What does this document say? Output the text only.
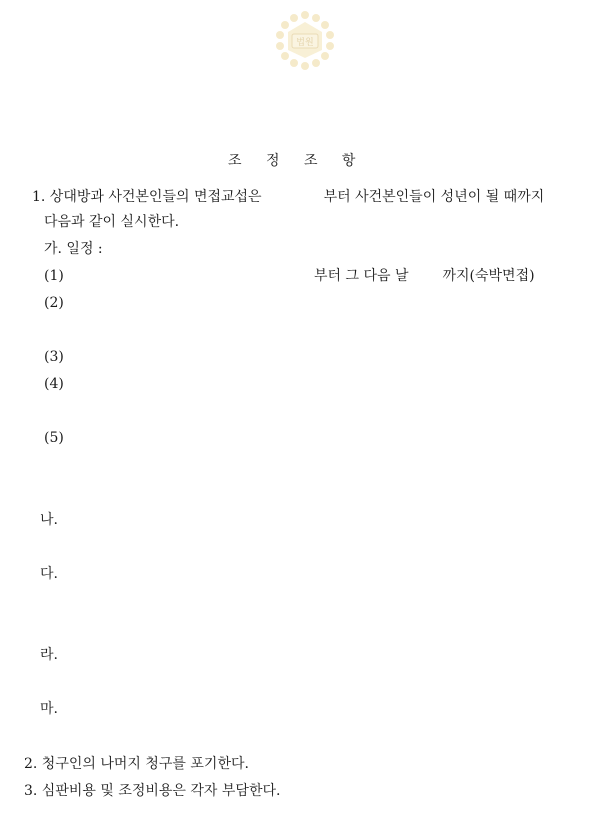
법원
조 정 조 항
1. 상대방과 사건본인들의 면접교섭은	부터 사건본인들이 성년이 될 때까지
다음과 같이 실시한다.
가. 일정 :
(1)	부터 그 다음 날 까지(숙박면접)
(2)
(3)
(4)
(5)
나.
다.
라.
마.
2. 청구인의 나머지 청구를 포기한다.
3. 심판비용 및 조정비용은 각자 부담한다.
